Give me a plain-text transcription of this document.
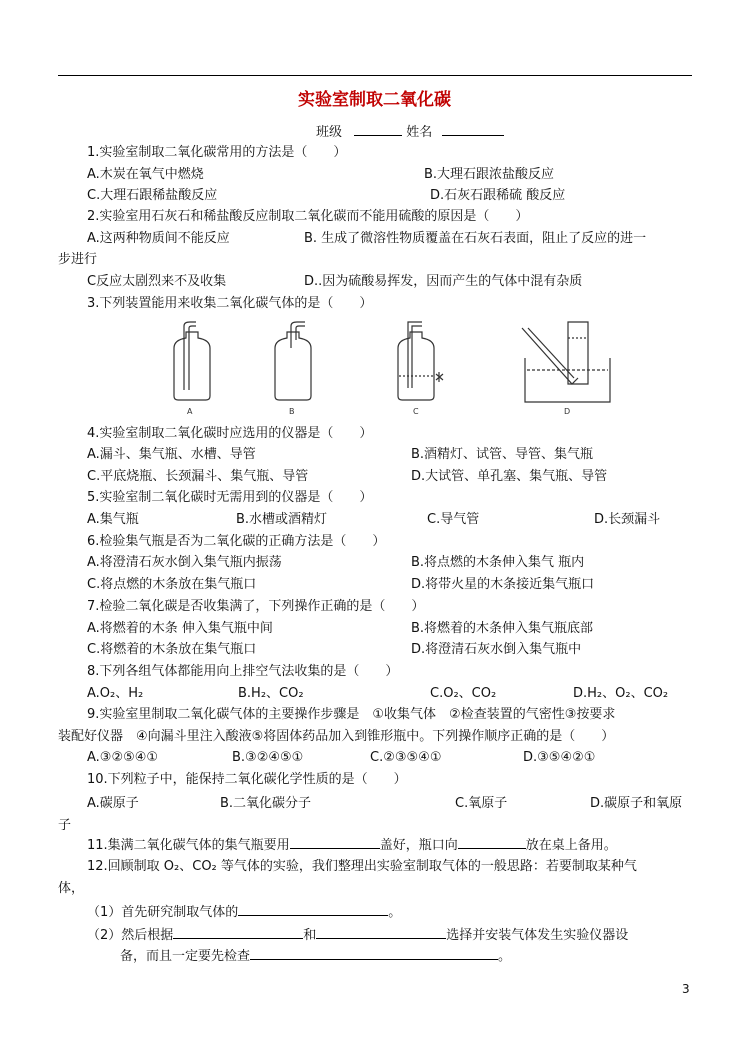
实验室制取二氧化碳
班级	姓名
1.实验室制取二氧化碳常用的方法是（　　）
A.木炭在氧气中燃烧	B.大理石跟浓盐酸反应
C.大理石跟稀盐酸反应	D.石灰石跟稀硫 酸反应
2.实验室用石灰石和稀盐酸反应制取二氧化碳而不能用硫酸的原因是（　　）
A.这两种物质间不能反应	B. 生成了微溶性物质覆盖在石灰石表面，阻止了反应的进一
步进行
C反应太剧烈来不及收集	D..因为硫酸易挥发，因而产生的气体中混有杂质
3.下列装置能用来收集二氧化碳气体的是（　　）
A	B	C	D
4.实验室制取二氧化碳时应选用的仪器是（　　）
A.漏斗、集气瓶、水槽、导管	B.酒精灯、试管、导管、集气瓶
C.平底烧瓶、长颈漏斗、集气瓶、导管	D.大试管、单孔塞、集气瓶、导管
5.实验室制二氧化碳时无需用到的仪器是（　　）
A.集气瓶	B.水槽或酒精灯	C.导气管	D.长颈漏斗
6.检验集气瓶是否为二氧化碳的正确方法是（　　）
A.将澄清石灰水倒入集气瓶内振荡	B.将点燃的木条伸入集气 瓶内
C.将点燃的木条放在集气瓶口	D.将带火星的木条接近集气瓶口
7.检验二氧化碳是否收集满了，下列操作正确的是（　　）
A.将燃着的木条 伸入集气瓶中间	B.将燃着的木条伸入集气瓶底部
C.将燃着的木条放在集气瓶口	D.将澄清石灰水倒入集气瓶中
8.下列各组气体都能用向上排空气法收集的是（　　）
A.O₂、H₂	B.H₂、CO₂	C.O₂、CO₂	D.H₂、O₂、CO₂
9.实验室里制取二氧化碳气体的主要操作步骤是　①收集气体　②检查装置的气密性③按要求
装配好仪器　④向漏斗里注入酸液⑤将固体药品加入到锥形瓶中。下列操作顺序正确的是（　　）
A.③②⑤④①	B.③②④⑤①	C.②③⑤④①	D.③⑤④②①
10.下列粒子中，能保持二氧化碳化学性质的是（　　）
A.碳原子	B.二氧化碳分子	C.氧原子	D.碳原子和氧原
子
11.集满二氧化碳气体的集气瓶要用	盖好，瓶口向	放在桌上备用。
12.回顾制取 O₂、CO₂ 等气体的实验，我们整理出实验室制取气体的一般思路：若要制取某种气
体，
（1）首先研究制取气体的	。
（2）然后根据	和	选择并安装气体发生实验仪器设
备，而且一定要先检查	。
3
